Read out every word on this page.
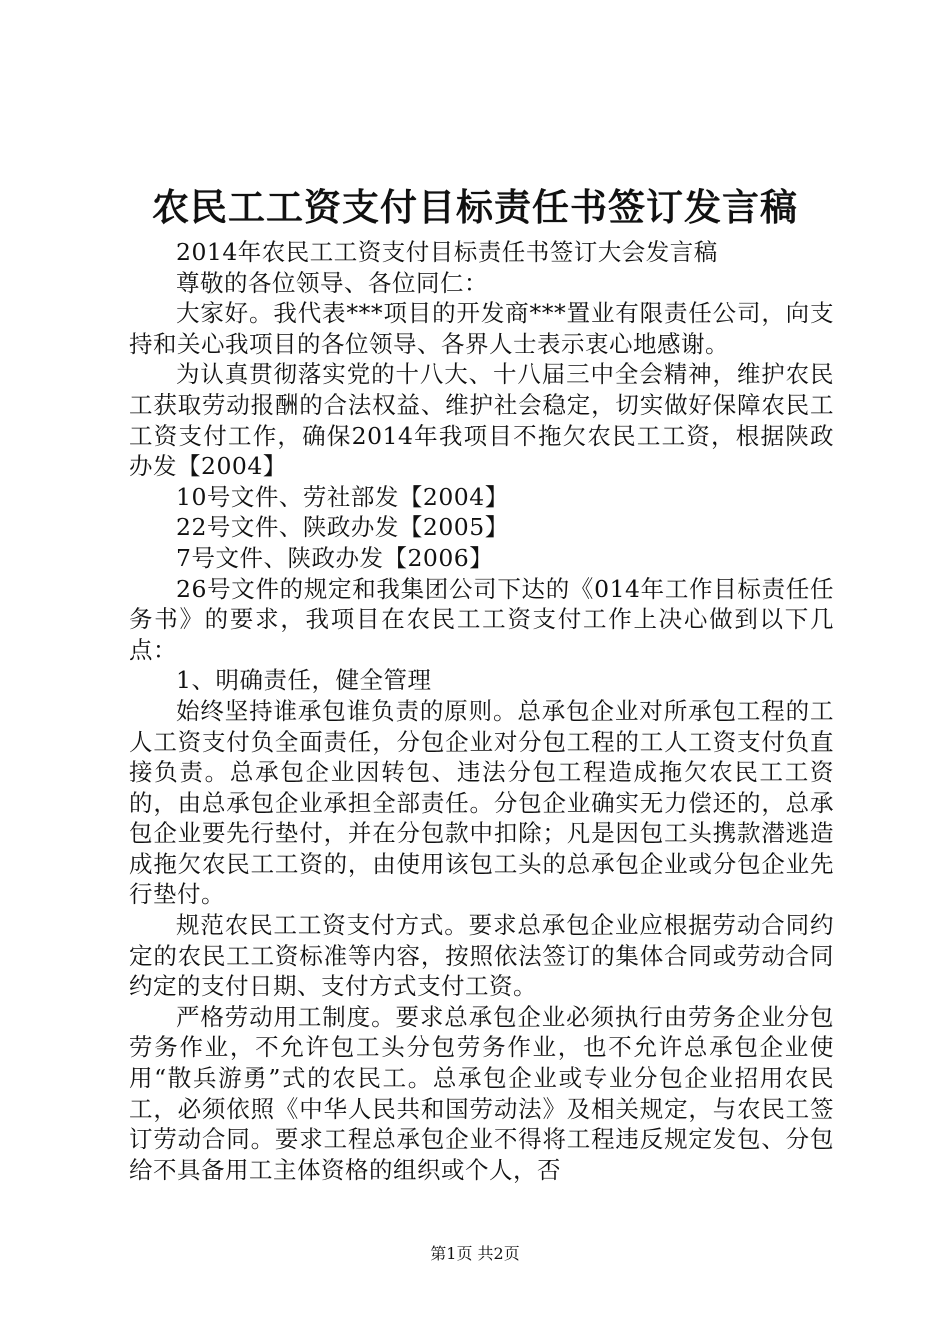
农民工工资支付目标责任书签订发言稿

2014年农民工工资支付目标责任书签订大会发言稿

尊敬的各位领导、各位同仁：

大家好。我代表***项目的开发商***置业有限责任公司，向支持和关心我项目的各位领导、各界人士表示衷心地感谢。

为认真贯彻落实党的十八大、十八届三中全会精神，维护农民工获取劳动报酬的合法权益、维护社会稳定，切实做好保障农民工工资支付工作，确保2014年我项目不拖欠农民工工资，根据陕政办发【2004】

10号文件、劳社部发【2004】

22号文件、陕政办发【2005】

7号文件、陕政办发【2006】

26号文件的规定和我集团公司下达的《014年工作目标责任任务书》的要求，我项目在农民工工资支付工作上决心做到以下几点：

1、明确责任，健全管理

始终坚持谁承包谁负责的原则。总承包企业对所承包工程的工人工资支付负全面责任，分包企业对分包工程的工人工资支付负直接负责。总承包企业因转包、违法分包工程造成拖欠农民工工资的，由总承包企业承担全部责任。分包企业确实无力偿还的，总承包企业要先行垫付，并在分包款中扣除；凡是因包工头携款潜逃造成拖欠农民工工资的，由使用该包工头的总承包企业或分包企业先行垫付。

规范农民工工资支付方式。要求总承包企业应根据劳动合同约定的农民工工资标准等内容，按照依法签订的集体合同或劳动合同约定的支付日期、支付方式支付工资。

严格劳动用工制度。要求总承包企业必须执行由劳务企业分包劳务作业，不允许包工头分包劳务作业，也不允许总承包企业使用“散兵游勇”式的农民工。总承包企业或专业分包企业招用农民工，必须依照《中华人民共和国劳动法》及相关规定，与农民工签订劳动合同。要求工程总承包企业不得将工程违反规定发包、分包给不具备用工主体资格的组织或个人，否

第1页 共2页
